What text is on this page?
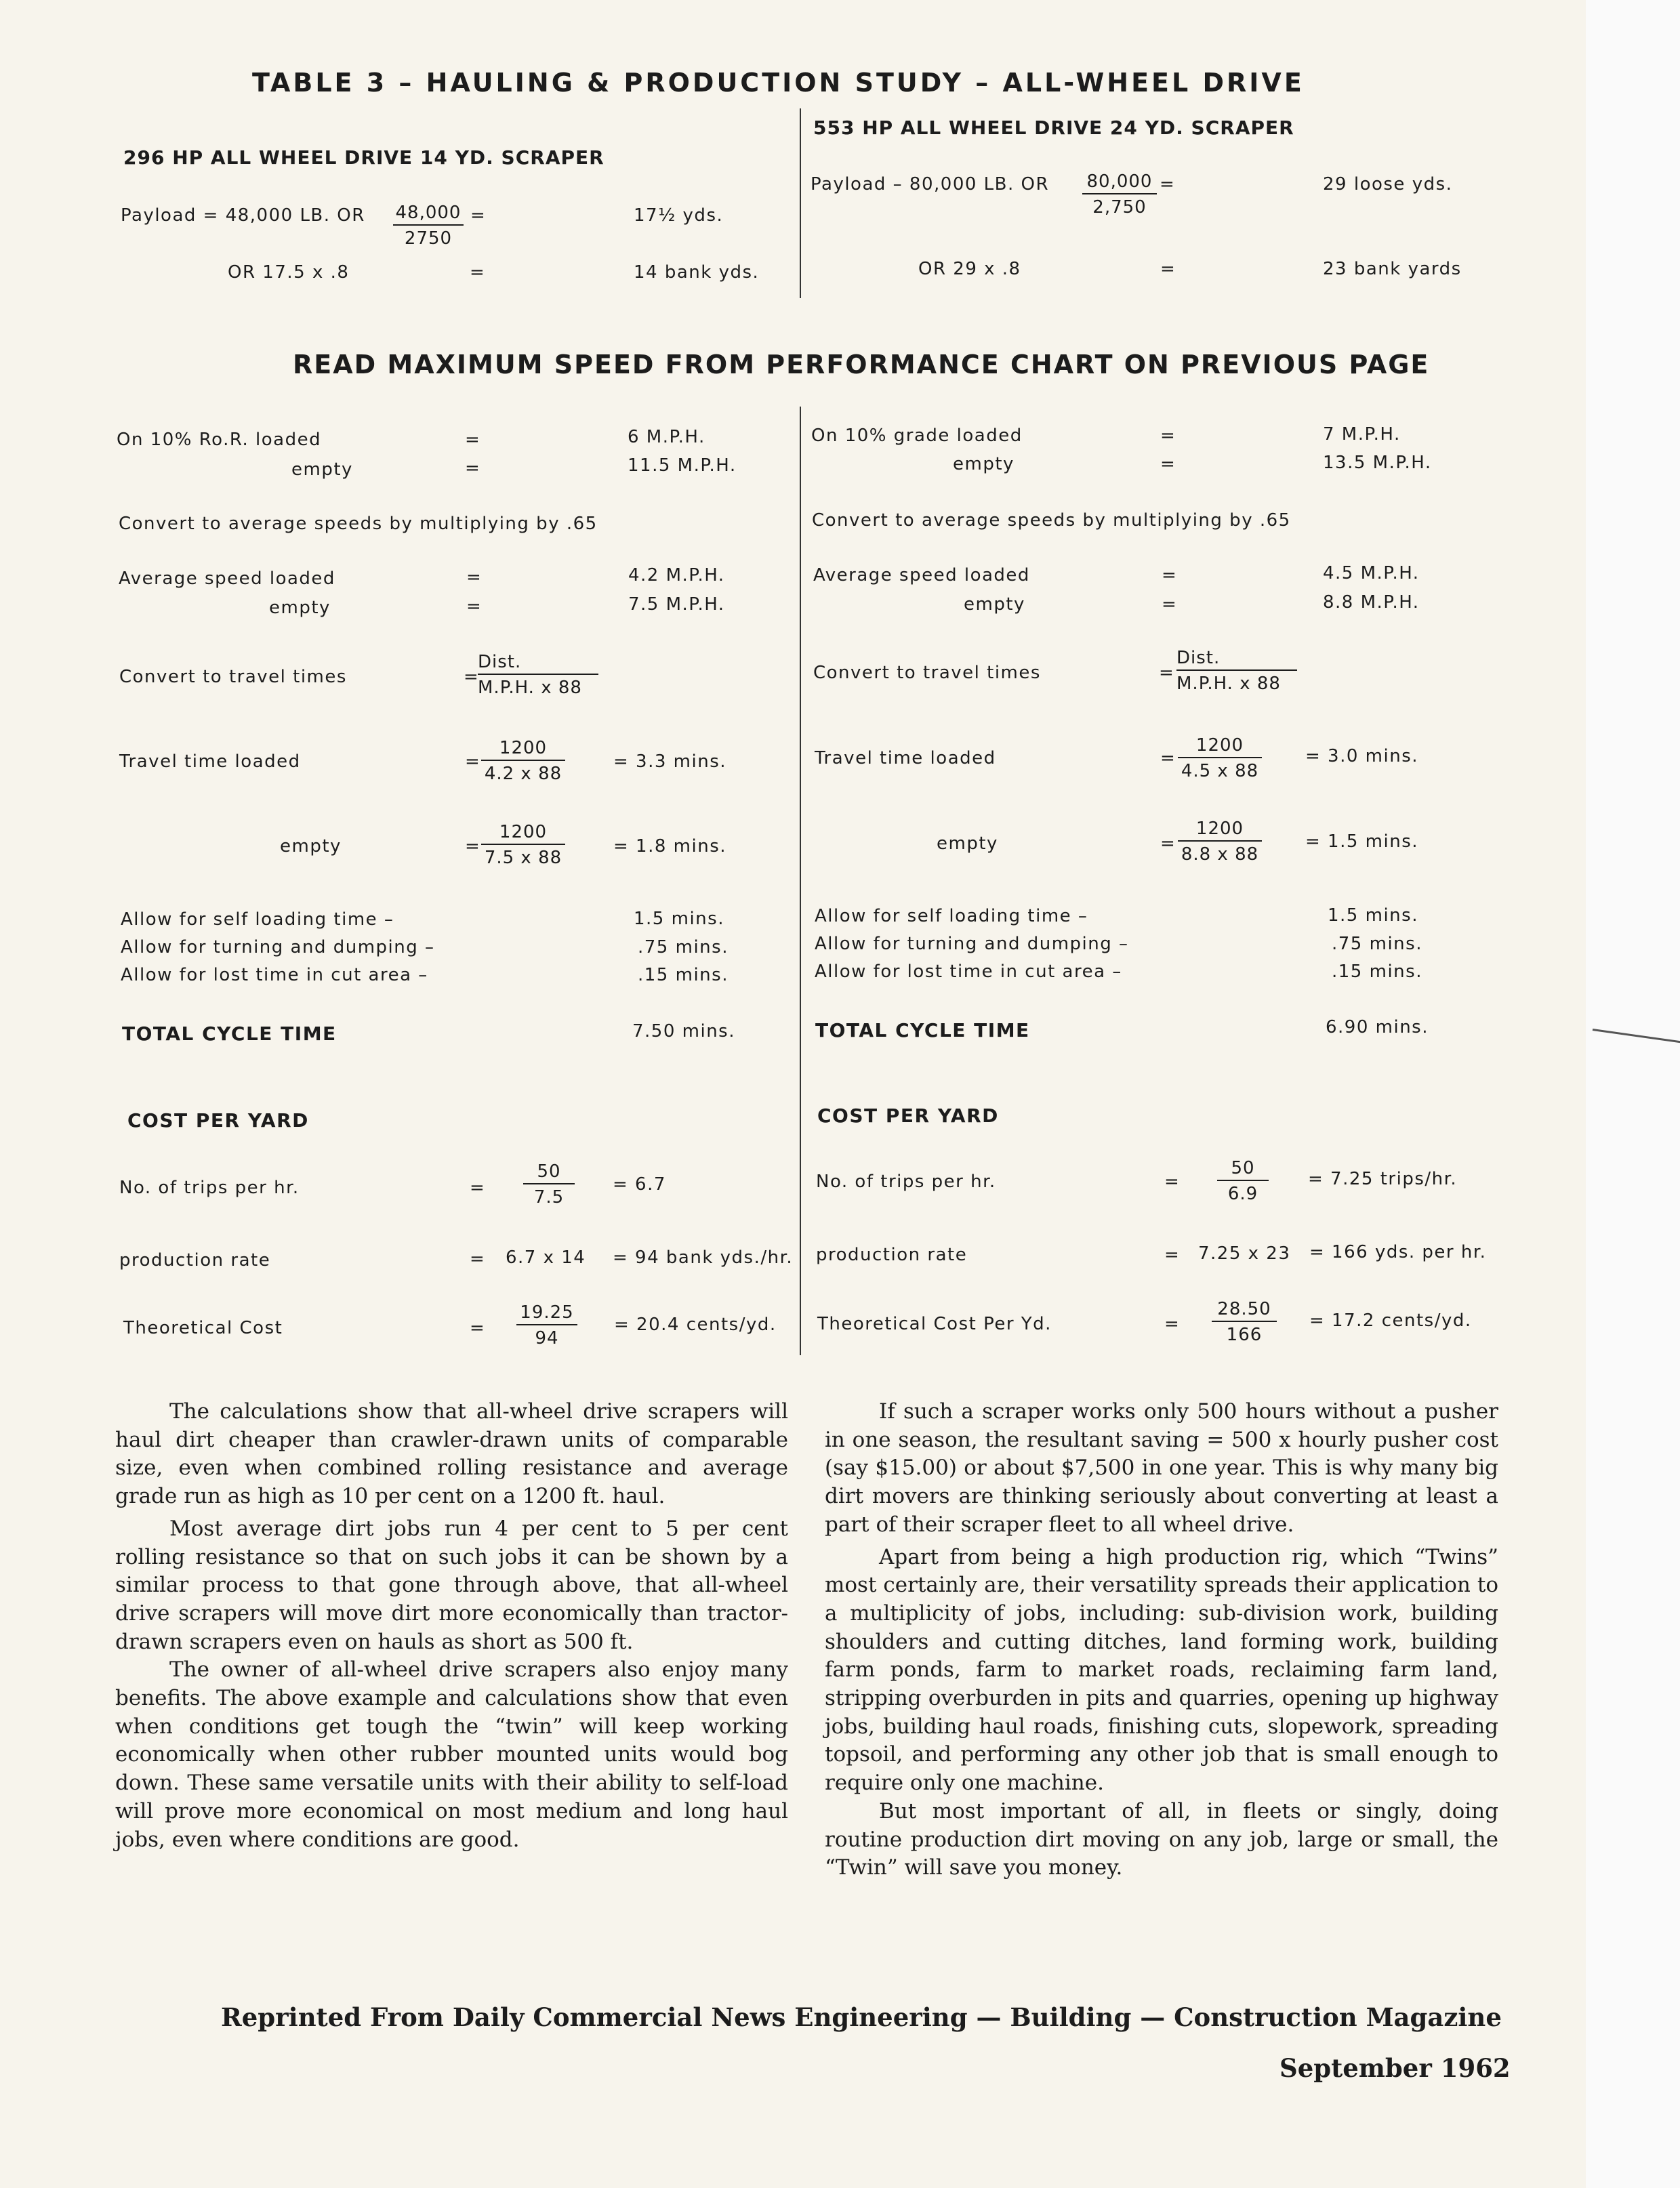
TABLE 3 – HAULING & PRODUCTION STUDY – ALL-WHEEL DRIVE
296 HP ALL WHEEL DRIVE 14 YD. SCRAPER
Payload = 48,000 LB. OR $\frac{48,000}{2750}$ =	17½ yds.
OR 17.5 x .8	=	14 bank yds.
553 HP ALL WHEEL DRIVE 24 YD. SCRAPER
Payload – 80,000 LB. OR $\frac{80,000}{2,750}$ =	29 loose yds.
OR 29 x .8	=	23 bank yards
READ MAXIMUM SPEED FROM PERFORMANCE CHART ON PREVIOUS PAGE
On 10% Ro.R. loaded	=	6 M.P.H.
empty	=	11.5 M.P.H.
Convert to average speeds by multiplying by .65
Average speed loaded	=	4.2 M.P.H.
empty	=	7.5 M.P.H.
Convert to travel times	=
Dist.
M.P.H. x 88
Travel time loaded	= $\frac{1200}{4.2 x 88}$	= 3.3 mins.
empty	= $\frac{1200}{7.5 x 88}$	= 1.8 mins.
Allow for self loading time –	1.5 mins.
Allow for turning and dumping –	.75 mins.
Allow for lost time in cut area –	.15 mins.
TOTAL CYCLE TIME	7.50 mins.
COST PER YARD
No. of trips per hr.	= $\frac{50}{7.5} = 6.7$
production rate	= 6.7 x 14 = 94 bank yds./hr.
Theoretical Cost	= $\frac{19.25}{94} = 20.4$ cents/yd.
On 10% grade loaded	=	7 M.P.H.
empty	=	13.5 M.P.H.
Convert to average speeds by multiplying by .65
Average speed loaded	=	4.5 M.P.H.
empty	=	8.8 M.P.H.
Convert to travel times	=
Dist.
M.P.H. x 88
Travel time loaded	= $\frac{1200}{4.5 x 88} = 3.0$ mins.
empty	= $\frac{1200}{8.8 x 88} = 1.5$ mins.
Allow for self loading time –	1.5 mins.
Allow for turning and dumping –	.75 mins.
Allow for lost time in cut area –	.15 mins.
TOTAL CYCLE TIME	6.90 mins.
COST PER YARD
No. of trips per hr.	= $\frac{50}{6.9} = 7.25$ trips/hr.
production rate	= 7.25 x 23 = 166 yds. per hr.
Theoretical Cost Per Yd.	= $\frac{28.50}{166} = 17.2$ cents/yd.

The calculations show that all-wheel drive scrapers will haul dirt cheaper than crawler-drawn units of comparable size, even when combined rolling resistance and average grade run as high as 10 per cent on a 1200 ft. haul.

Most average dirt jobs run 4 per cent to 5 per cent rolling resistance so that on such jobs it can be shown by a similar process to that gone through above, that all-wheel drive scrapers will move dirt more economically than tractor-drawn scrapers even on hauls as short as 500 ft.

The owner of all-wheel drive scrapers also enjoy many benefits. The above example and calculations show that even when conditions get tough the “twin” will keep working economically when other rubber mounted units would bog down. These same versatile units with their ability to self-load will prove more economical on most medium and long haul jobs, even where conditions are good.

If such a scraper works only 500 hours without a pusher in one season, the resultant saving = 500 x hourly pusher cost (say $15.00) or about $7,500 in one year. This is why many big dirt movers are thinking seriously about converting at least a part of their scraper fleet to all wheel drive.

Apart from being a high production rig, which “Twins” most certainly are, their versatility spreads their application to a multiplicity of jobs, including: sub-division work, building shoulders and cutting ditches, land forming work, building farm ponds, farm to market roads, reclaiming farm land, stripping overburden in pits and quarries, opening up highway jobs, building haul roads, finishing cuts, slopework, spreading topsoil, and performing any other job that is small enough to require only one machine.

But most important of all, in fleets or singly, doing routine production dirt moving on any job, large or small, the “Twin” will save you money.

Reprinted From Daily Commercial News Engineering — Building — Construction Magazine
September 1962
